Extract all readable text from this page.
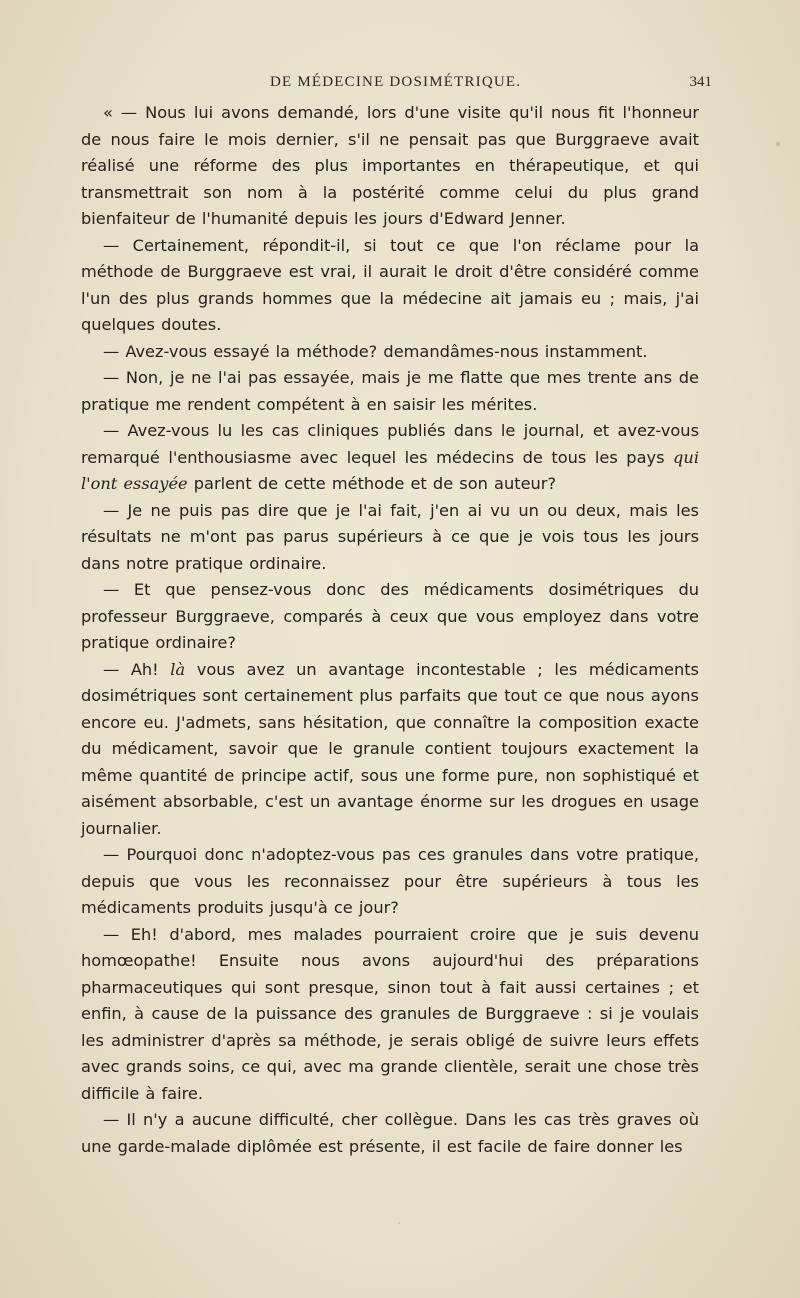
DE MÉDECINE DOSIMÉTRIQUE.	341

« — Nous lui avons demandé, lors d'une visite qu'il nous fit l'honneur de nous faire le mois dernier, s'il ne pensait pas que Burggraeve avait réalisé une réforme des plus importantes en thérapeutique, et qui transmettrait son nom à la postérité comme celui du plus grand bienfaiteur de l'humanité depuis les jours d'Edward Jenner.

— Certainement, répondit-il, si tout ce que l'on réclame pour la méthode de Burggraeve est vrai, il aurait le droit d'être considéré comme l'un des plus grands hommes que la médecine ait jamais eu ; mais, j'ai quelques doutes.

— Avez-vous essayé la méthode? demandâmes-nous instamment.

— Non, je ne l'ai pas essayée, mais je me flatte que mes trente ans de pratique me rendent compétent à en saisir les mérites.

— Avez-vous lu les cas cliniques publiés dans le journal, et avez-vous remarqué l'enthousiasme avec lequel les médecins de tous les pays qui l'ont essayée parlent de cette méthode et de son auteur?

— Je ne puis pas dire que je l'ai fait, j'en ai vu un ou deux, mais les résultats ne m'ont pas parus supérieurs à ce que je vois tous les jours dans notre pratique ordinaire.

— Et que pensez-vous donc des médicaments dosimétriques du professeur Burggraeve, comparés à ceux que vous employez dans votre pratique ordinaire?

— Ah! là vous avez un avantage incontestable ; les médicaments dosimétriques sont certainement plus parfaits que tout ce que nous ayons encore eu. J'admets, sans hésitation, que connaître la composition exacte du médicament, savoir que le granule contient toujours exactement la même quantité de principe actif, sous une forme pure, non sophistiqué et aisément absorbable, c'est un avantage énorme sur les drogues en usage journalier.

— Pourquoi donc n'adoptez-vous pas ces granules dans votre pratique, depuis que vous les reconnaissez pour être supérieurs à tous les médicaments produits jusqu'à ce jour?

— Eh! d'abord, mes malades pourraient croire que je suis devenu homœopathe! Ensuite nous avons aujourd'hui des préparations pharmaceutiques qui sont presque, sinon tout à fait aussi certaines ; et enfin, à cause de la puissance des granules de Burggraeve : si je voulais les administrer d'après sa méthode, je serais obligé de suivre leurs effets avec grands soins, ce qui, avec ma grande clientèle, serait une chose très difficile à faire.

— Il n'y a aucune difficulté, cher collègue. Dans les cas très graves où une garde-malade diplômée est présente, il est facile de faire donner les
